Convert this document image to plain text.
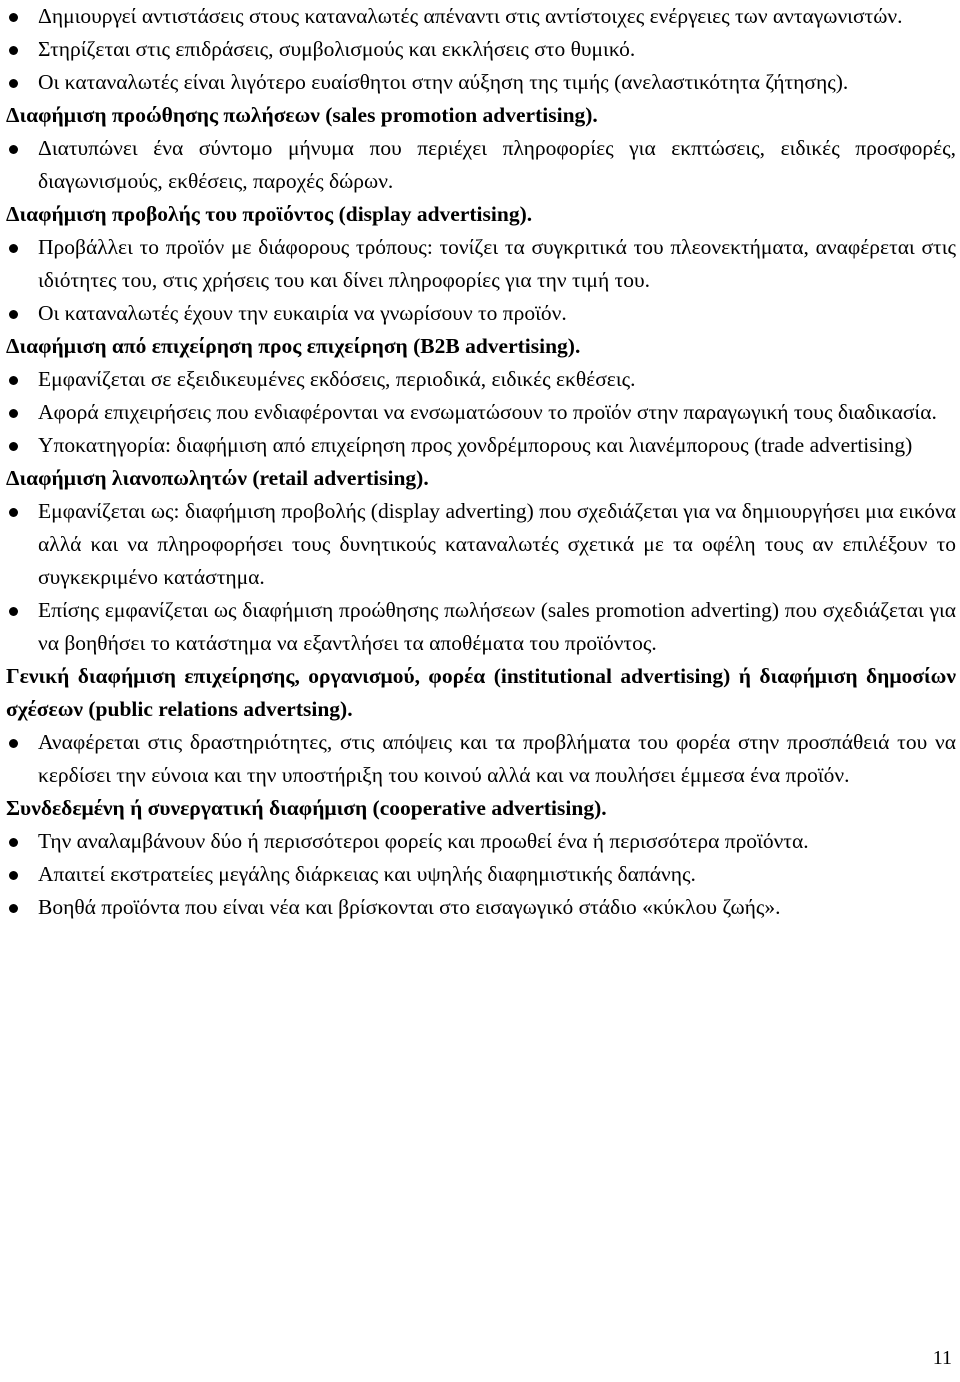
Δημιουργεί αντιστάσεις στους καταναλωτές απέναντι στις αντίστοιχες ενέργειες των ανταγωνιστών.
Στηρίζεται στις επιδράσεις, συμβολισμούς και εκκλήσεις στο θυμικό.
Οι καταναλωτές είναι λιγότερο ευαίσθητοι στην αύξηση της τιμής (ανελαστικότητα ζήτησης).
Διαφήμιση προώθησης πωλήσεων (sales promotion advertising).
Διατυπώνει ένα σύντομο μήνυμα που περιέχει πληροφορίες για εκπτώσεις, ειδικές προσφορές, διαγωνισμούς, εκθέσεις, παροχές δώρων.
Διαφήμιση προβολής του προϊόντος (display advertising).
Προβάλλει το προϊόν με διάφορους τρόπους: τονίζει τα συγκριτικά του πλεονεκτήματα, αναφέρεται στις ιδιότητες του, στις χρήσεις του και δίνει πληροφορίες για την τιμή του.
Οι καταναλωτές έχουν την ευκαιρία να γνωρίσουν το προϊόν.
Διαφήμιση από επιχείρηση προς επιχείρηση (B2B advertising).
Εμφανίζεται σε εξειδικευμένες εκδόσεις, περιοδικά, ειδικές εκθέσεις.
Αφορά επιχειρήσεις που ενδιαφέρονται να ενσωματώσουν το προϊόν στην παραγωγική τους διαδικασία.
Υποκατηγορία: διαφήμιση από επιχείρηση προς χονδρέμπορους και λιανέμπορους (trade advertising)
Διαφήμιση λιανοπωλητών (retail advertising).
Εμφανίζεται ως: διαφήμιση προβολής (display adverting) που σχεδιάζεται για να δημιουργήσει μια εικόνα αλλά και να πληροφορήσει τους δυνητικούς καταναλωτές σχετικά με τα οφέλη τους αν επιλέξουν το συγκεκριμένο κατάστημα.
Επίσης εμφανίζεται ως διαφήμιση προώθησης πωλήσεων (sales promotion adverting) που σχεδιάζεται για να βοηθήσει το κατάστημα να εξαντλήσει τα αποθέματα του προϊόντος.
Γενική διαφήμιση επιχείρησης, οργανισμού, φορέα (institutional advertising) ή διαφήμιση δημοσίων σχέσεων (public relations advertsing).
Αναφέρεται στις δραστηριότητες, στις απόψεις και τα προβλήματα του φορέα στην προσπάθειά του να κερδίσει την εύνοια και την υποστήριξη του κοινού αλλά και να πουλήσει έμμεσα ένα προϊόν.
Συνδεδεμένη ή συνεργατική διαφήμιση (cooperative advertising).
Την αναλαμβάνουν δύο ή περισσότεροι φορείς και προωθεί ένα ή περισσότερα προϊόντα.
Απαιτεί εκστρατείες μεγάλης διάρκειας και υψηλής διαφημιστικής δαπάνης.
Βοηθά προϊόντα που είναι νέα και βρίσκονται στο εισαγωγικό στάδιο «κύκλου ζωής».
11
